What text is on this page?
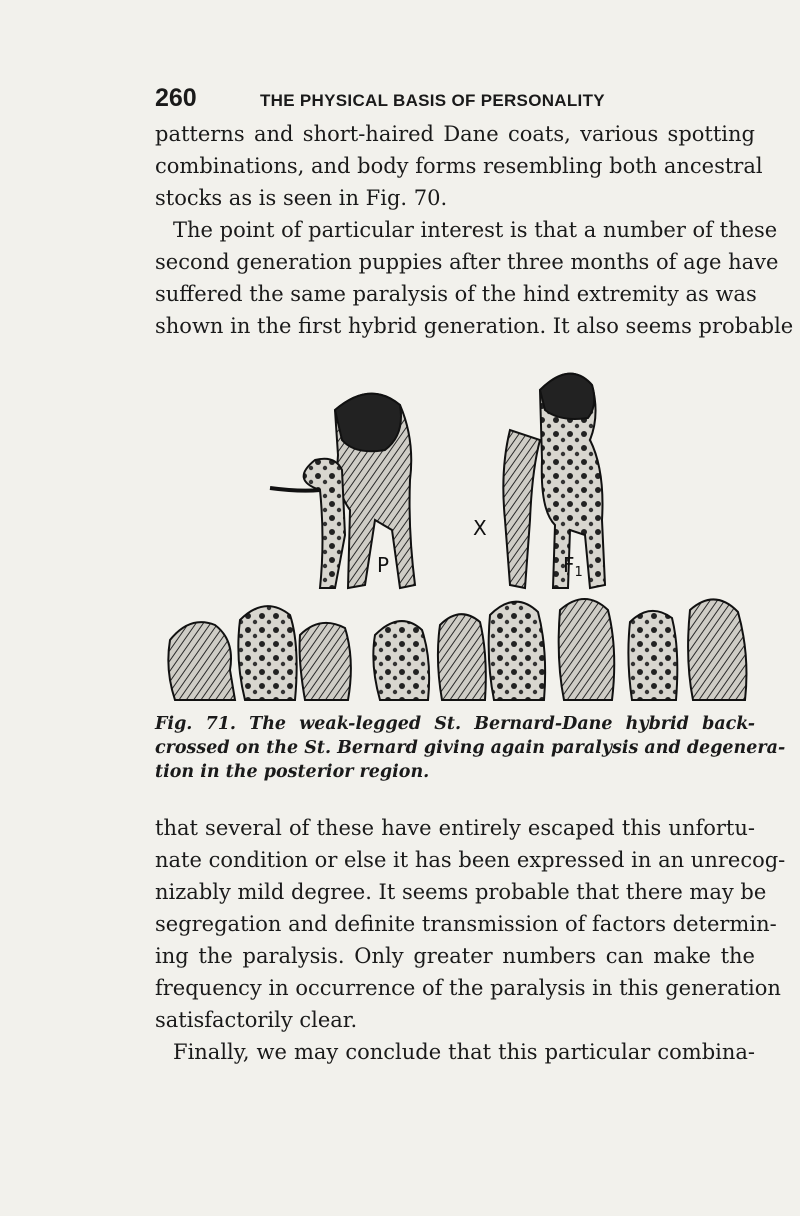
260	THE PHYSICAL BASIS OF PERSONALITY
patterns and short-haired Dane coats, various spotting
combinations, and body forms resembling both ancestral
stocks as is seen in Fig. 70.
The point of particular interest is that a number of these
second generation puppies after three months of age have
suffered the same paralysis of the hind extremity as was
shown in the first hybrid generation. It also seems probable
P
X
$F_1$
Fig. 71. The weak-legged St. Bernard-Dane hybrid back-
crossed on the St. Bernard giving again paralysis and degenera-
tion in the posterior region.
that several of these have entirely escaped this unfortu-
nate condition or else it has been expressed in an unrecog-
nizably mild degree. It seems probable that there may be
segregation and definite transmission of factors determin-
ing the paralysis. Only greater numbers can make the
frequency in occurrence of the paralysis in this generation
satisfactorily clear.
Finally, we may conclude that this particular combina-
